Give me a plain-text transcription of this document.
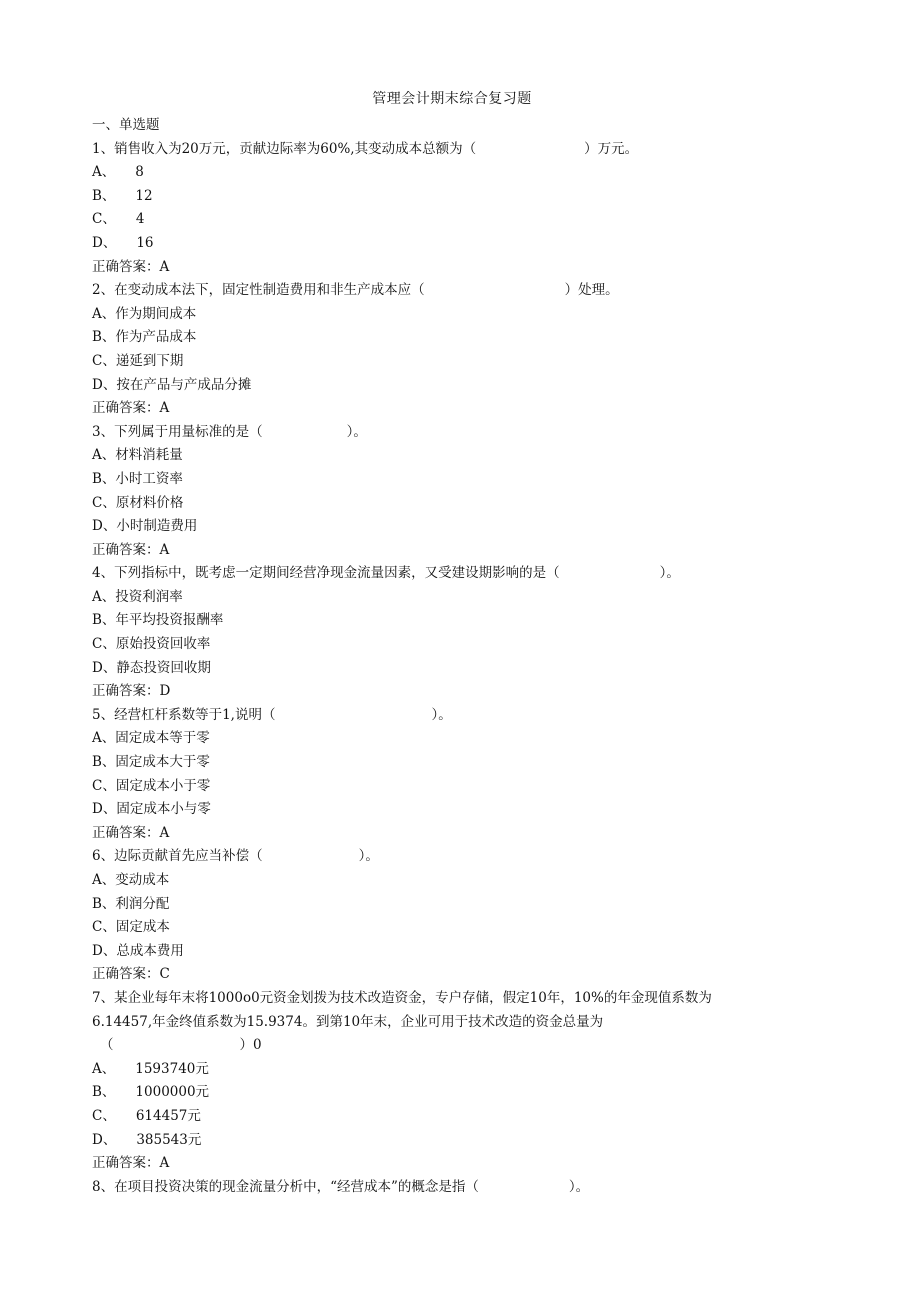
管理会计期末综合复习题
一、单选题
1、销售收入为20万元，贡献边际率为60%,其变动成本总额为（	）万元。
A、 8
B、 12
C、 4
D、 16
正确答案：A
2、在变动成本法下，固定性制造费用和非生产成本应（	）处理。
A、作为期间成本
B、作为产品成本
C、递延到下期
D、按在产品与产成品分摊
正确答案：A
3、下列属于用量标准的是（	）。
A、材料消耗量
B、小时工资率
C、原材料价格
D、小时制造费用
正确答案：A
4、下列指标中，既考虑一定期间经营净现金流量因素，又受建设期影响的是（	）。
A、投资利润率
B、年平均投资报酬率
C、原始投资回收率
D、静态投资回收期
正确答案：D
5、经营杠杆系数等于1,说明（	）。
A、固定成本等于零
B、固定成本大于零
C、固定成本小于零
D、固定成本小与零
正确答案：A
6、边际贡献首先应当补偿（	）。
A、变动成本
B、利润分配
C、固定成本
D、总成本费用
正确答案：C
7、某企业每年末将1000o0元资金划拨为技术改造资金，专户存储，假定10年，10%的年金现值系数为
6.14457,年金终值系数为15.9374。到第10年末，企业可用于技术改造的资金总量为
（	）0
A、 1593740元
B、 1000000元
C、 614457元
D、 385543元
正确答案：A
8、在项目投资决策的现金流量分析中，“经营成本”的概念是指（	）。
